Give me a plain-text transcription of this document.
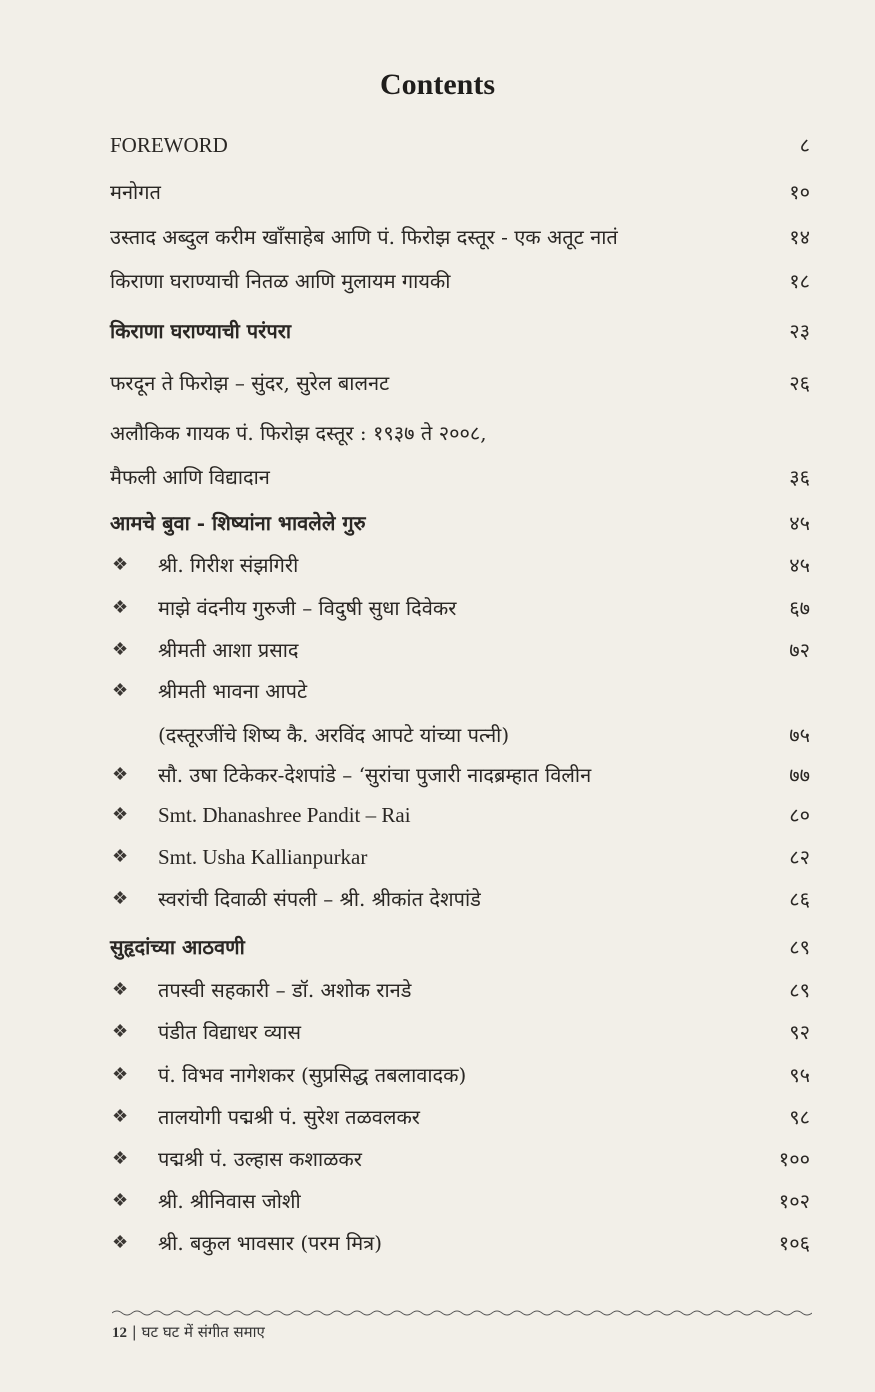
Contents
FOREWORD	८
मनोगत	१०
उस्ताद अब्दुल करीम खाँसाहेब आणि पं. फिरोझ दस्तूर - एक अतूट नातं	१४
किराणा घराण्याची नितळ आणि मुलायम गायकी	१८
किराणा घराण्याची परंपरा	२३
फरदून ते फिरोझ – सुंदर, सुरेल बालनट	२६
अलौकिक गायक पं. फिरोझ दस्तूर : १९३७ ते २००८,
मैफली आणि विद्यादान	३६
आमचे बुवा - शिष्यांना भावलेले गुरु	४५
❖ श्री. गिरीश संझगिरी	४५
❖ माझे वंदनीय गुरुजी – विदुषी सुधा दिवेकर	६७
❖ श्रीमती आशा प्रसाद	७२
❖ श्रीमती भावना आपटे
(दस्तूरजींचे शिष्य कै. अरविंद आपटे यांच्या पत्नी)	७५
❖ सौ. उषा टिकेकर-देशपांडे – ‘सुरांचा पुजारी नादब्रम्हात विलीन	७७
❖ Smt. Dhanashree Pandit – Rai	८०
❖ Smt. Usha Kallianpurkar	८२
❖ स्वरांची दिवाळी संपली – श्री. श्रीकांत देशपांडे	८६
सुहृदांच्या आठवणी	८९
❖ तपस्वी सहकारी – डॉ. अशोक रानडे	८९
❖ पंडीत विद्याधर व्यास	९२
❖ पं. विभव नागेशकर (सुप्रसिद्ध तबलावादक)	९५
❖ तालयोगी पद्मश्री पं. सुरेश तळवलकर	९८
❖ पद्मश्री पं. उल्हास कशाळकर	१००
❖ श्री. श्रीनिवास जोशी	१०२
❖ श्री. बकुल भावसार (परम मित्र)	१०६
12 | घट घट में संगीत समाए
